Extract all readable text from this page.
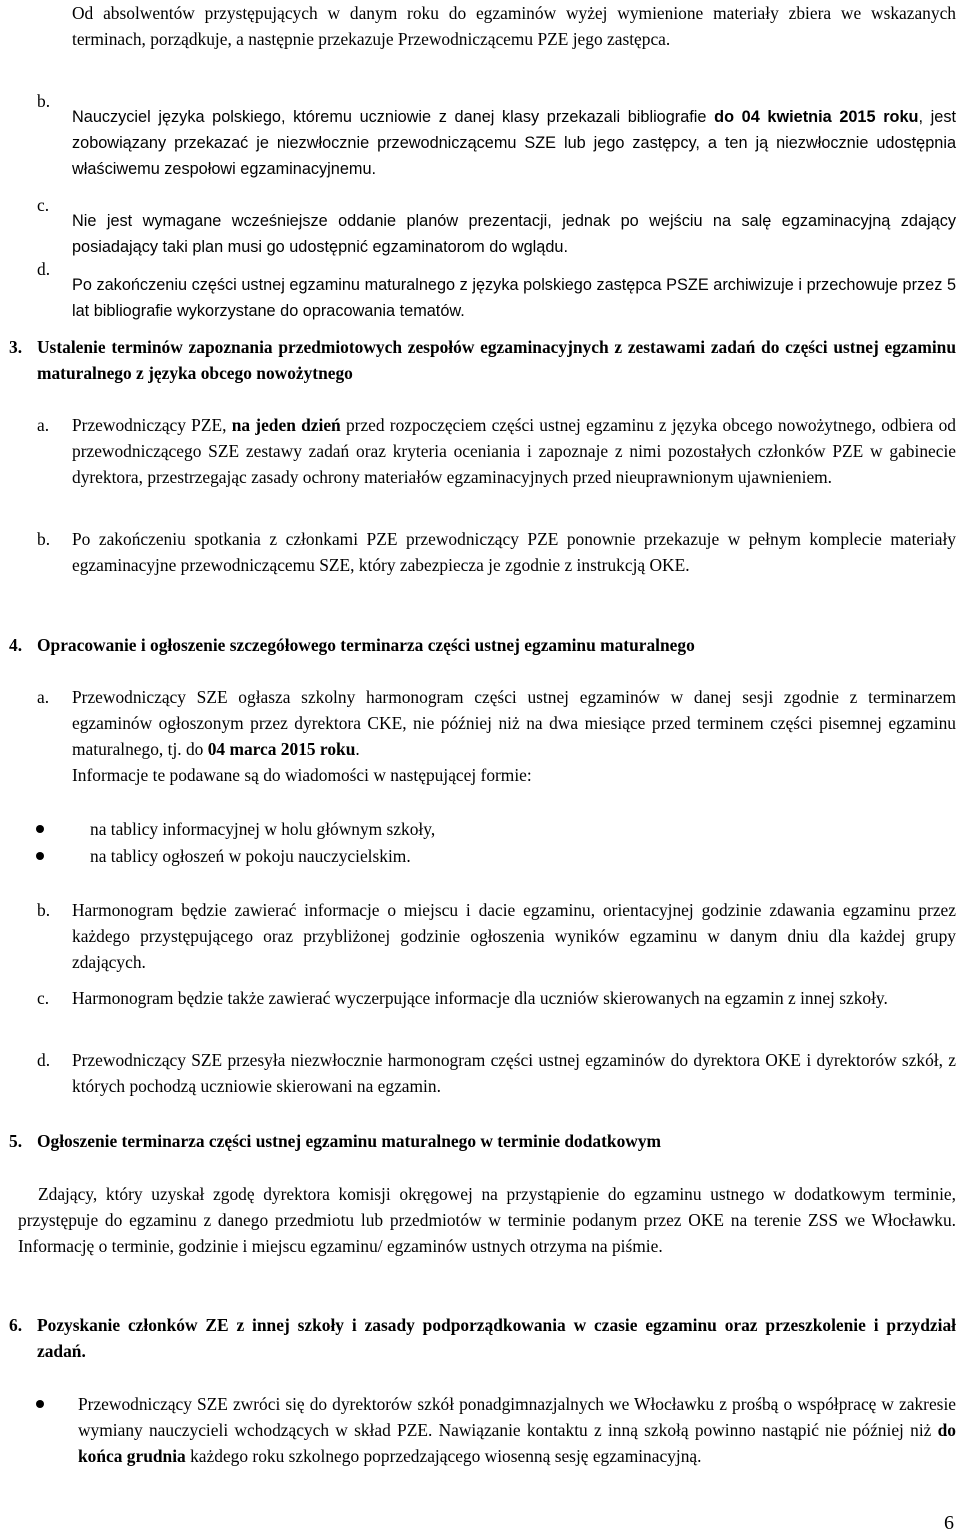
Od absolwentów przystępujących w danym roku do egzaminów wyżej wymienione materiały zbiera we wskazanych terminach, porządkuje, a następnie przekazuje Przewodniczącemu PZE jego zastępca.

b.

Nauczyciel języka polskiego, któremu uczniowie z danej klasy przekazali bibliografie do 04 kwietnia 2015 roku, jest zobowiązany przekazać je niezwłocznie przewodniczącemu SZE lub jego zastępcy, a ten ją niezwłocznie udostępnia właściwemu zespołowi egzaminacyjnemu.

c.

Nie jest wymagane wcześniejsze oddanie planów prezentacji, jednak po wejściu na salę egzaminacyjną zdający posiadający taki plan musi go udostępnić egzaminatorom do wglądu.

d.

Po zakończeniu części ustnej egzaminu maturalnego z języka polskiego zastępca PSZE archiwizuje i przechowuje przez 5 lat bibliografie wykorzystane do opracowania tematów.

3. Ustalenie terminów zapoznania przedmiotowych zespołów egzaminacyjnych z zestawami zadań do części ustnej egzaminu maturalnego z języka obcego nowożytnego

a. Przewodniczący PZE, na jeden dzień przed rozpoczęciem części ustnej egzaminu z języka obcego nowożytnego, odbiera od przewodniczącego SZE zestawy zadań oraz kryteria oceniania i zapoznaje z nimi pozostałych członków PZE w gabinecie dyrektora, przestrzegając zasady ochrony materiałów egzaminacyjnych przed nieuprawnionym ujawnieniem.

b. Po zakończeniu spotkania z członkami PZE przewodniczący PZE ponownie przekazuje w pełnym komplecie materiały egzaminacyjne przewodniczącemu SZE, który zabezpiecza je zgodnie z instrukcją OKE.

4. Opracowanie i ogłoszenie szczegółowego terminarza części ustnej egzaminu maturalnego

a. Przewodniczący SZE ogłasza szkolny harmonogram części ustnej egzaminów w danej sesji zgodnie z terminarzem egzaminów ogłoszonym przez dyrektora CKE, nie później niż na dwa miesiące przed terminem części pisemnej egzaminu maturalnego, tj. do 04 marca 2015 roku.

Informacje te podawane są do wiadomości w następującej formie:

na tablicy informacyjnej w holu głównym szkoły,

na tablicy ogłoszeń w pokoju nauczycielskim.

b. Harmonogram będzie zawierać informacje o miejscu i dacie egzaminu, orientacyjnej godzinie zdawania egzaminu przez każdego przystępującego oraz przybliżonej godzinie ogłoszenia wyników egzaminu w danym dniu dla każdej grupy zdających.

c. Harmonogram będzie także zawierać wyczerpujące informacje dla uczniów skierowanych na egzamin z innej szkoły.

d. Przewodniczący SZE przesyła niezwłocznie harmonogram części ustnej egzaminów do dyrektora OKE i dyrektorów szkół, z których pochodzą uczniowie skierowani na egzamin.

5. Ogłoszenie terminarza części ustnej egzaminu maturalnego w terminie dodatkowym

Zdający, który uzyskał zgodę dyrektora komisji okręgowej na przystąpienie do egzaminu ustnego w dodatkowym terminie, przystępuje do egzaminu z danego przedmiotu lub przedmiotów w terminie podanym przez OKE na terenie ZSS we Włocławku. Informację o terminie, godzinie i miejscu egzaminu/ egzaminów ustnych otrzyma na piśmie.

6. Pozyskanie członków ZE z innej szkoły i zasady podporządkowania w czasie egzaminu oraz przeszkolenie i przydział zadań.

Przewodniczący SZE zwróci się do dyrektorów szkół ponadgimnazjalnych we Włocławku z prośbą o współpracę w zakresie wymiany nauczycieli wchodzących w skład PZE. Nawiązanie kontaktu z inną szkołą powinno nastąpić nie później niż do końca grudnia każdego roku szkolnego poprzedzającego wiosenną sesję egzaminacyjną.

6
